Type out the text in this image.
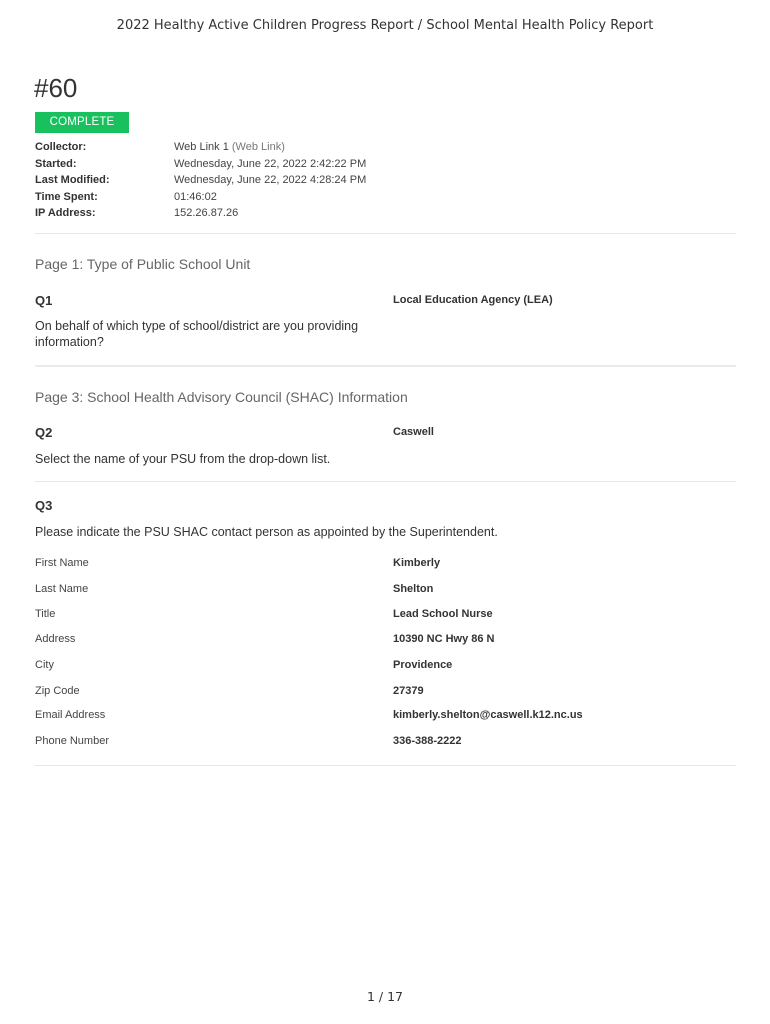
2022 Healthy Active Children Progress Report / School Mental Health Policy Report
#60
COMPLETE
Collector:	Web Link 1 (Web Link)
Started:	Wednesday, June 22, 2022 2:42:22 PM
Last Modified:	Wednesday, June 22, 2022 4:28:24 PM
Time Spent:	01:46:02
IP Address:	152.26.87.26
Page 1: Type of Public School Unit
Q1	Local Education Agency (LEA)
On behalf of which type of school/district are you providing information?
Page 3: School Health Advisory Council (SHAC) Information
Q2	Caswell
Select the name of your PSU from the drop-down list.
Q3
Please indicate the PSU SHAC contact person as appointed by the Superintendent.
First Name	Kimberly
Last Name	Shelton
Title	Lead School Nurse
Address	10390 NC Hwy 86 N
City	Providence
Zip Code	27379
Email Address	kimberly.shelton@caswell.k12.nc.us
Phone Number	336-388-2222
1 / 17
